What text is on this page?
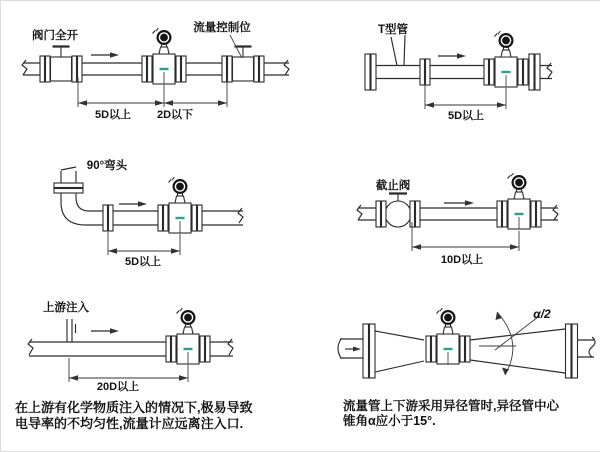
阀门全开
流量控制位
5D以上 2D以下
T型管
5D以上
90°弯头
5D以上
截止阀
10D以上
上游注入
20D以上
α/2
在上游有化学物质注入的情况下,极易导致
电导率的不均匀性,流量计应远离注入口.
流量管上下游采用异径管时,异径管中心
锥角α应小于15°.
